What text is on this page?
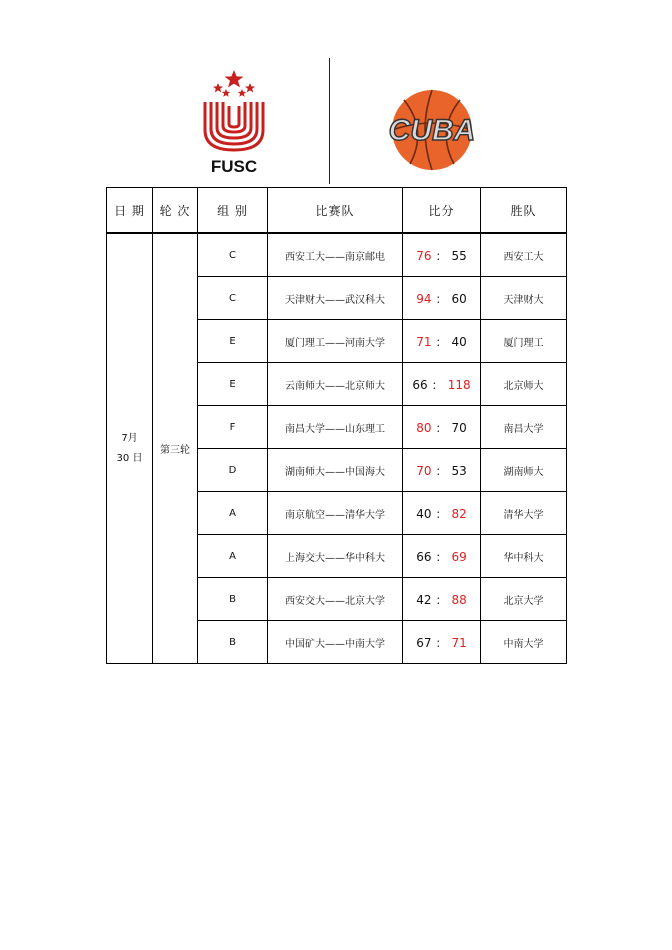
FUSC
CUBA
日 期	轮 次	组 别	比赛队	比分	胜队

7月
30 日	第三轮	C	西安工大——南京邮电	76 ： 55	西安工大
		C	天津财大——武汉科大	94 ： 60	天津财大
		E	厦门理工——河南大学	71 ： 40	厦门理工
		E	云南师大——北京师大	66 ： 118	北京师大
		F	南昌大学——山东理工	80 ： 70	南昌大学
		D	湖南师大——中国海大	70 ： 53	湖南师大
		A	南京航空——清华大学	40 ： 82	清华大学
		A	上海交大——华中科大	66 ： 69	华中科大
		B	西安交大——北京大学	42 ： 88	北京大学
		B	中国矿大——中南大学	67 ： 71	中南大学
